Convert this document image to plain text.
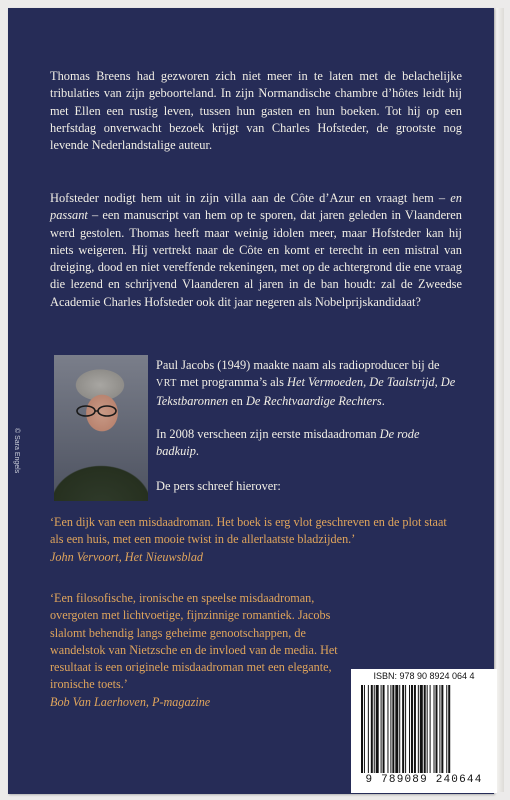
Thomas Breens had gezworen zich niet meer in te laten met de belachelijke tribulaties van zijn geboorteland. In zijn Normandische chambre d’hôtes leidt hij met Ellen een rustig leven, tussen hun gasten en hun boeken. Tot hij op een herfstdag onverwacht bezoek krijgt van Charles Hofsteder, de grootste nog levende Nederlandstalige auteur.
Hofsteder nodigt hem uit in zijn villa aan de Côte d’Azur en vraagt hem – en passant – een manuscript van hem op te sporen, dat jaren geleden in Vlaanderen werd gestolen. Thomas heeft maar weinig idolen meer, maar Hofsteder kan hij niets weigeren. Hij vertrekt naar de Côte en komt er terecht in een mistral van dreiging, dood en niet vereffende rekeningen, met op de achtergrond die ene vraag die lezend en schrijvend Vlaanderen al jaren in de ban houdt: zal de Zweedse Academie Charles Hofsteder ook dit jaar negeren als Nobelprijskandidaat?
© Sara Engels
Paul Jacobs (1949) maakte naam als radioproducer bij de VRT met programma’s als Het Vermoeden, De Taalstrijd, De Tekstbaronnen en De Rechtvaardige Rechters.
In 2008 verscheen zijn eerste misdaadroman De rode badkuip.
De pers schreef hierover:
‘Een dijk van een misdaadroman. Het boek is erg vlot geschreven en de plot staat als een huis, met een mooie twist in de allerlaatste bladzijden.’
John Vervoort, Het Nieuwsblad
‘Een filosofische, ironische en speelse misdaadroman, overgoten met lichtvoetige, fijnzinnige romantiek. Jacobs slalomt behendig langs geheime genootschappen, de wandelstok van Nietzsche en de invloed van de media. Het resultaat is een originele misdaadroman met een elegante, ironische toets.’
Bob Van Laerhoven, P-magazine
ISBN: 978 90 8924 064 4
9 789089 240644
